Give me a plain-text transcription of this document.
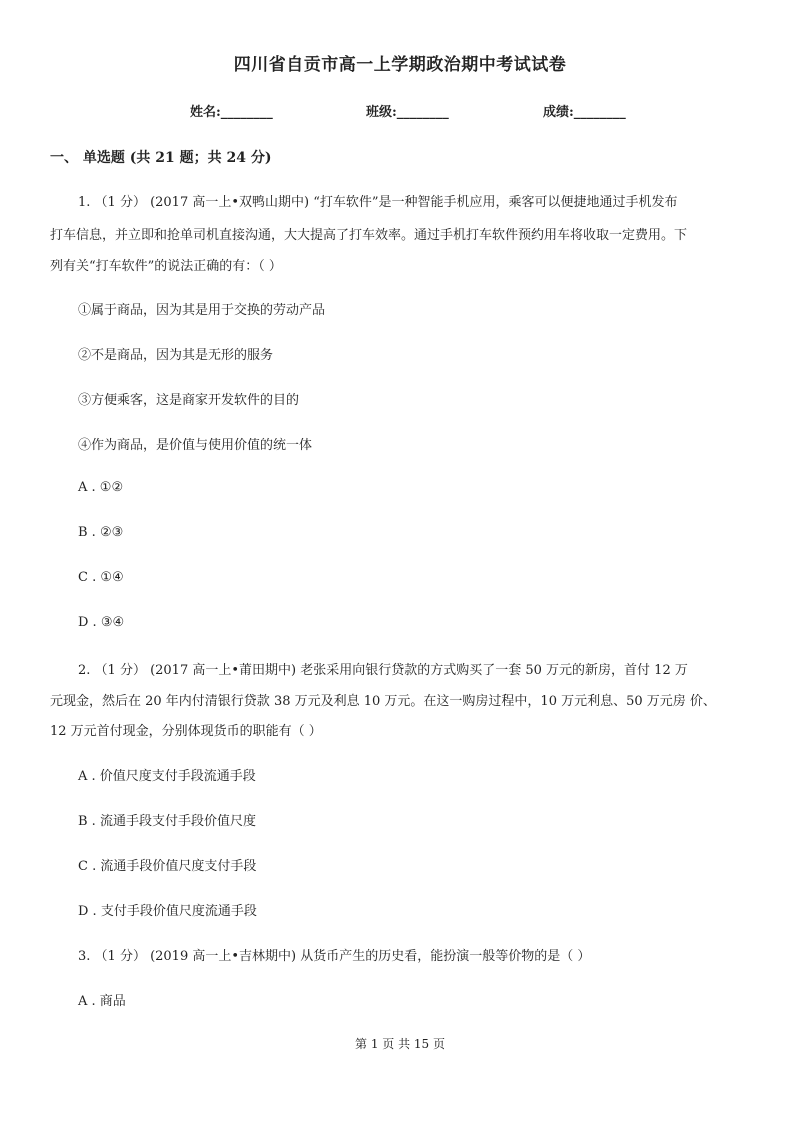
四川省自贡市高一上学期政治期中考试试卷
姓名:________	班级:________	成绩:________
一、 单选题 (共 21 题；共 24 分)
1. （1 分） (2017 高一上•双鸭山期中) “打车软件”是一种智能手机应用，乘客可以便捷地通过手机发布
打车信息，并立即和抢单司机直接沟通，大大提高了打车效率。通过手机打车软件预约用车将收取一定费用。下
列有关“打车软件”的说法正确的有：（ ）
①属于商品，因为其是用于交换的劳动产品
②不是商品，因为其是无形的服务
③方便乘客，这是商家开发软件的目的
④作为商品，是价值与使用价值的统一体
A . ①②
B . ②③
C . ①④
D . ③④
2. （1 分） (2017 高一上•莆田期中) 老张采用向银行贷款的方式购买了一套 50 万元的新房，首付 12 万
元现金，然后在 20 年内付清银行贷款 38 万元及利息 10 万元。在这一购房过程中，10 万元利息、50 万元房 价、
12 万元首付现金，分别体现货币的职能有（ ）
A . 价值尺度支付手段流通手段
B . 流通手段支付手段价值尺度
C . 流通手段价值尺度支付手段
D . 支付手段价值尺度流通手段
3. （1 分） (2019 高一上•吉林期中) 从货币产生的历史看，能扮演一般等价物的是（ ）
A . 商品
第 1 页 共 15 页
